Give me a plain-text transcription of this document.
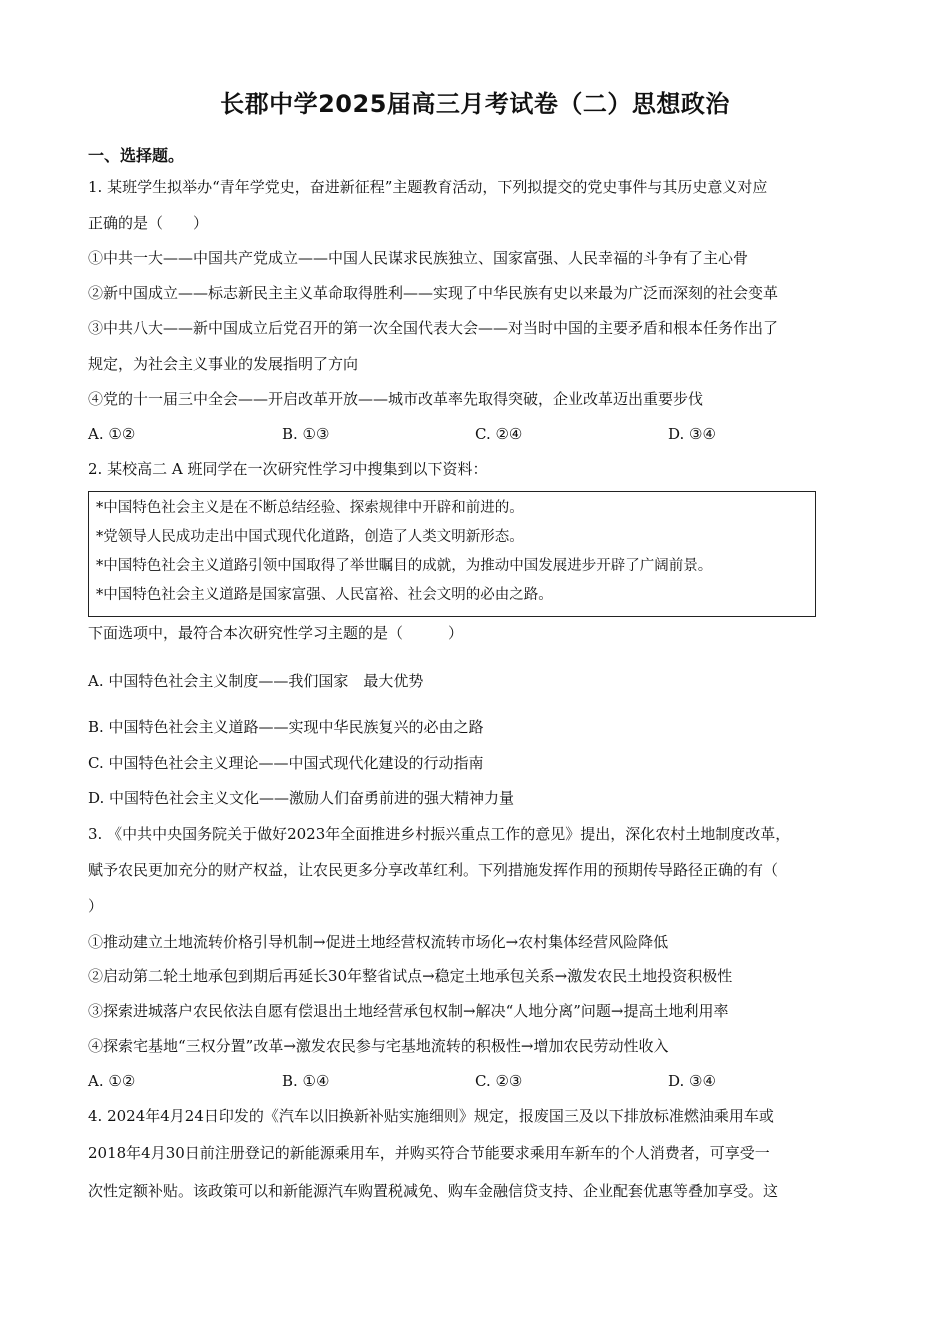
长郡中学2025届高三月考试卷（二）思想政治
一、选择题。
1. 某班学生拟举办“青年学党史，奋进新征程”主题教育活动，下列拟提交的党史事件与其历史意义对应
正确的是（　　）
①中共一大——中国共产党成立——中国人民谋求民族独立、国家富强、人民幸福的斗争有了主心骨
②新中国成立——标志新民主主义革命取得胜利——实现了中华民族有史以来最为广泛而深刻的社会变革
③中共八大——新中国成立后党召开的第一次全国代表大会——对当时中国的主要矛盾和根本任务作出了
规定，为社会主义事业的发展指明了方向
④党的十一届三中全会——开启改革开放——城市改革率先取得突破，企业改革迈出重要步伐
A. ①②	B. ①③	C. ②④	D. ③④
2. 某校高二 A 班同学在一次研究性学习中搜集到以下资料：
*中国特色社会主义是在不断总结经验、探索规律中开辟和前进的。
*党领导人民成功走出中国式现代化道路，创造了人类文明新形态。
*中国特色社会主义道路引领中国取得了举世瞩目的成就，为推动中国发展进步开辟了广阔前景。
*中国特色社会主义道路是国家富强、人民富裕、社会文明的必由之路。
下面选项中，最符合本次研究性学习主题的是（　　　）
A. 中国特色社会主义制度——我们国家　最大优势
B. 中国特色社会主义道路——实现中华民族复兴的必由之路
C. 中国特色社会主义理论——中国式现代化建设的行动指南
D. 中国特色社会主义文化——激励人们奋勇前进的强大精神力量
3. 《中共中央国务院关于做好2023年全面推进乡村振兴重点工作的意见》提出，深化农村土地制度改革，
赋予农民更加充分的财产权益，让农民更多分享改革红利。下列措施发挥作用的预期传导路径正确的有（
）
①推动建立土地流转价格引导机制→促进土地经营权流转市场化→农村集体经营风险降低
②启动第二轮土地承包到期后再延长30年整省试点→稳定土地承包关系→激发农民土地投资积极性
③探索进城落户农民依法自愿有偿退出土地经营承包权制→解决“人地分离”问题→提高土地利用率
④探索宅基地“三权分置”改革→激发农民参与宅基地流转的积极性→增加农民劳动性收入
A. ①②	B. ①④	C. ②③	D. ③④
4. 2024年4月24日印发的《汽车以旧换新补贴实施细则》规定，报废国三及以下排放标准燃油乘用车或
2018年4月30日前注册登记的新能源乘用车，并购买符合节能要求乘用车新车的个人消费者，可享受一
次性定额补贴。该政策可以和新能源汽车购置税减免、购车金融信贷支持、企业配套优惠等叠加享受。这
